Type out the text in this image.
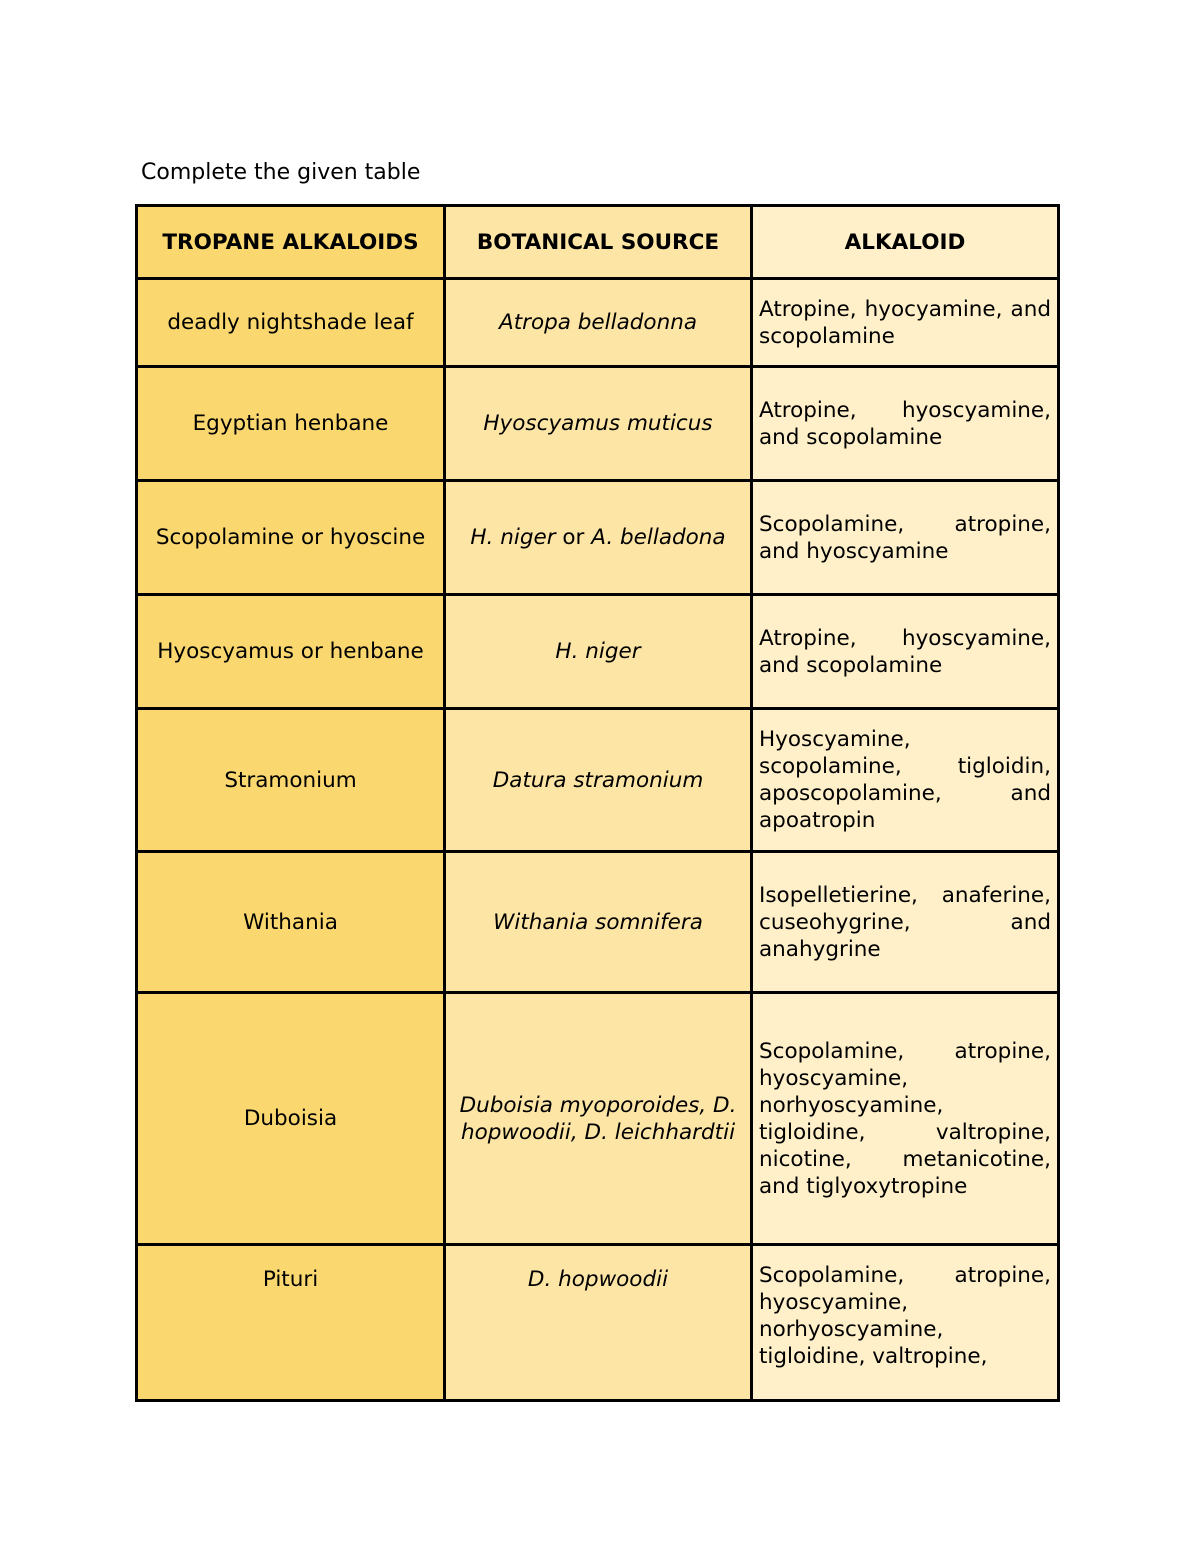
Complete the given table
TROPANE ALKALOIDS	BOTANICAL SOURCE	ALKALOID
deadly nightshade leaf	Atropa belladonna	Atropine, hyocyamine, and scopolamine
Egyptian henbane	Hyoscyamus muticus	Atropine, hyoscyamine, and scopolamine
Scopolamine or hyoscine	H. niger or A. belladona	Scopolamine, atropine, and hyoscyamine
Hyoscyamus or henbane	H. niger	Atropine, hyoscyamine, and scopolamine
Stramonium	Datura stramonium	Hyoscyamine, scopolamine, tigloidin, aposcopolamine, and apoatropin
Withania	Withania somnifera	Isopelletierine, anaferine, cuseohygrine, and anahygrine
Duboisia	Duboisia myoporoides, D. hopwoodii, D. leichhardtii	Scopolamine, atropine, hyoscyamine, norhyoscyamine, tigloidine, valtropine, nicotine, metanicotine, and tiglyoxytropine
Pituri	D. hopwoodii	Scopolamine, atropine, hyoscyamine, norhyoscyamine, tigloidine, valtropine,
